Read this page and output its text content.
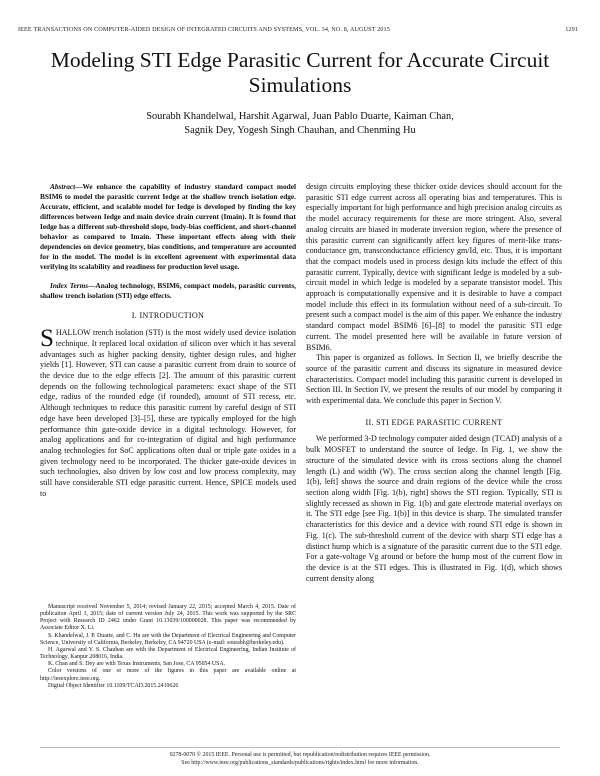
IEEE TRANSACTIONS ON COMPUTER-AIDED DESIGN OF INTEGRATED CIRCUITS AND SYSTEMS, VOL. 34, NO. 8, AUGUST 2015	1291
Modeling STI Edge Parasitic Current for Accurate Circuit Simulations
Sourabh Khandelwal, Harshit Agarwal, Juan Pablo Duarte, Kaiman Chan,
Sagnik Dey, Yogesh Singh Chauhan, and Chenming Hu

Abstract—We enhance the capability of industry standard compact model BSIM6 to model the parasitic current Iedge at the shallow trench isolation edge. Accurate, efficient, and scalable model for Iedge is developed by finding the key differences between Iedge and main device drain current (Imain). It is found that Iedge has a different sub-threshold slope, body-bias coefficient, and short-channel behavior as compared to Imain. These important effects along with their dependencies on device geometry, bias conditions, and temperature are accounted for in the model. The model is in excellent agreement with experimental data verifying its scalability and readiness for production level usage.

Index Terms—Analog technology, BSIM6, compact models, parasitic currents, shallow trench isolation (STI) edge effects.

I. INTRODUCTION

SHALLOW trench isolation (STI) is the most widely used device isolation technique. It replaced local oxidation of silicon over which it has several advantages such as higher packing density, tighter design rules, and higher yields [1]. However, STI can cause a parasitic current from drain to source of the device due to the edge effects [2]. The amount of this parasitic current depends on the following technological parameters: exact shape of the STI edge, radius of the rounded edge (if rounded), amount of STI recess, etc. Although techniques to reduce this parasitic current by careful design of STI edge have been developed [3]–[5], these are typically employed for the high performance thin gate-oxide device in a digital technology. However, for analog applications and for co-integration of digital and high performance analog technologies for SoC applications often dual or triple gate oxides in a given technology need to be incorporated. The thicker gate-oxide devices in such technologies, also driven by low cost and low process complexity, may still have considerable STI edge parasitic current. Hence, SPICE models used to

Manuscript received November 5, 2014; revised January 22, 2015; accepted March 4, 2015. Date of publication April 3, 2015; date of current version July 24, 2015. This work was supported by the SRC Project with Research ID 2462 under Grant 10.13039/100000028. This paper was recommended by Associate Editor X. Li.

S. Khandelwal, J. P. Duarte, and C. Hu are with the Department of Electrical Engineering and Computer Science, University of California, Berkeley, Berkeley, CA 94720 USA (e-mail: sourabh@berkeley.edu).

H. Agarwal and Y. S. Chauhan are with the Department of Electrical Engineering, Indian Institute of Technology, Kanpur 208016, India.

K. Chan and S. Dey are with Texas Instruments, San Jose, CA 95054 USA.

Color versions of one or more of the figures in this paper are available online at http://ieeexplore.ieee.org.

Digital Object Identifier 10.1109/TCAD.2015.2419626

design circuits employing these thicker oxide devices should account for the parasitic STI edge current across all operating bias and temperatures. This is especially important for high performance and high precision analog circuits as the model accuracy requirements for these are more stringent. Also, several analog circuits are biased in moderate inversion region, where the presence of this parasitic current can significantly affect key figures of merit-like trans-conductance gm, transconductance efficiency gm/Id, etc. Thus, it is important that the compact models used in process design kits include the effect of this parasitic current. Typically, device with significant Iedge is modeled by a sub-circuit model in which Iedge is modeled by a separate transistor model. This approach is computationally expensive and it is desirable to have a compact model include this effect in its formulation without need of a sub-circuit. To present such a compact model is the aim of this paper. We enhance the industry standard compact model BSIM6 [6]–[8] to model the parasitic STI edge current. The model presented here will be available in future version of BSIM6.

This paper is organized as follows. In Section II, we briefly describe the source of the parasitic current and discuss its signature in measured device characteristics. Compact model including this parasitic current is developed in Section III. In Section IV, we present the results of our model by comparing it with experimental data. We conclude this paper in Section V.

II. STI EDGE PARASITIC CURRENT

We performed 3-D technology computer aided design (TCAD) analysis of a bulk MOSFET to understand the source of Iedge. In Fig. 1, we show the structure of the simulated device with its cross sections along the channel length (L) and width (W). The cross section along the channel length [Fig. 1(b), left] shows the source and drain regions of the device while the cross section along width [Fig. 1(b), right] shows the STI region. Typically, STI is slightly recessed as shown in Fig. 1(b) and gate electrode material overlays on it. The STI edge [see Fig. 1(b)] in this device is sharp. The simulated transfer characteristics for this device and a device with round STI edge is shown in Fig. 1(c). The sub-threshold current of the device with sharp STI edge has a distinct hump which is a signature of the parasitic current due to the STI edge. For a gate-voltage Vg around or before the hump most of the current flow in the device is at the STI edges. This is illustrated in Fig. 1(d), which shows current density along

0278-0070 © 2015 IEEE. Personal use is permitted, but republication/redistribution requires IEEE permission.
See http://www.ieee.org/publications_standards/publications/rights/index.html for more information.
